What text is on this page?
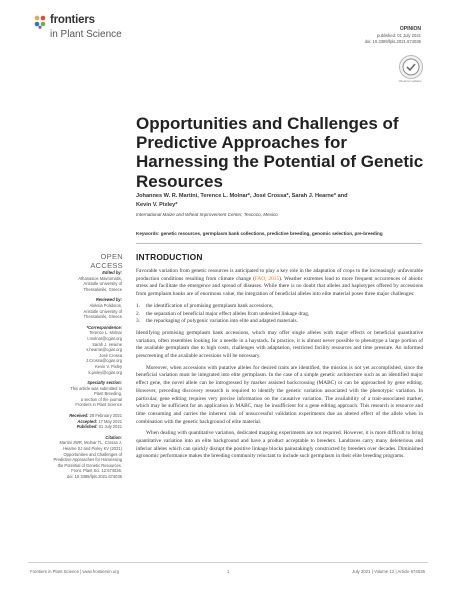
frontiers
in Plant Science	OPINION
published: 01 July 2021
doi: 10.3389/fpls.2021.674036
Check for updates
Opportunities and Challenges of Predictive Approaches for Harnessing the Potential of Genetic Resources
Johannes W. R. Martini, Terence L. Molnar*, José Crossa*, Sarah J. Hearne* and
Kevin V. Pixley*
International Maize and Wheat Improvement Center, Texcoco, Mexico
Keywords: genetic resources, germplasm bank collections, predictive breeding, genomic selection, pre-breeding
OPEN ACCESS
Edited by:
Athanasios Mavromatis,
Aristotle University of
Thessaloniki, Greece
Reviewed by:
Aleksia Polidoros,
Aristotle University of
Thessaloniki, Greece
*Correspondence:
Terence L. Molnar
t.molnar@cgiar.org
Sarah J. Hearne
s.hearne@cgiar.org
José Crossa
J.Crossa@cgiar.org
Kevin V. Pixley
k.pixley@cgiar.org
Specialty section:
This article was submitted to
Plant Breeding,
a section of the journal
Frontiers in Plant Science
Received: 28 February 2021
Accepted: 17 May 2021
Published: 01 July 2021
Citation:
Martini JWR, Molnar TL, Crossa J,
Hearne SJ and Pixley KV (2021)
Opportunities and Challenges of
Predictive Approaches for Harnessing
the Potential of Genetic Resources.
Front. Plant Sci. 12:674036.
doi: 10.3389/fpls.2021.674036
INTRODUCTION

Favorable variation from genetic resources is anticipated to play a key role in the adaptation of crops to the increasingly unfavorable production conditions resulting from climate change (FAO, 2015). Weather extremes lead to more frequent occurrences of abiotic stress and facilitate the emergence and spread of diseases. While there is no doubt that alleles and haplotypes offered by accessions from germplasm banks are of enormous value, the integration of beneficial alleles into elite material poses three major challenges:

1. the identification of promising germplasm bank accessions,
2. the separation of beneficial major effect alleles from undesired linkage drag,
3. the repackaging of polygenic variation into elite and adapted materials.

Identifying promising germplasm bank accessions, which may offer single alleles with major effects or beneficial quantitative variation, often resembles looking for a needle in a haystack. In practice, it is almost never possible to phenotype a large portion of the available germplasm due to high costs, challenges with adaptation, restricted facility resources and time pressure. An informed prescreening of the available accessions will be necessary.

Moreover, when accessions with putative alleles for desired traits are identified, the mission is not yet accomplished, since the beneficial variation must be integrated into elite germplasm. In the case of a simple genetic architecture such as an identified major effect gene, the novel allele can be introgressed by marker assisted backcrossing (MABC) or can be approached by gene editing. However, preceding discovery research is required to identify the genetic variation associated with the phenotypic variation. In particular, gene editing requires very precise information on the causative variation. The availability of a trait-associated marker, which may be sufficient for an application in MABC, may be insufficient for a gene editing approach. This research is resource and time consuming and carries the inherent risk of unsuccessful validation experiments due an altered effect of the allele when in combination with the genetic background of elite material.

When dealing with quantitative variation, dedicated mapping experiments are not required. However, it is more difficult to bring quantitative variation into an elite background and have a product acceptable to breeders. Landraces carry many deleterious and inferior alleles which can quickly disrupt the positive linkage blocks painstakingly constructed by breeders over decades. Diminished agronomic performance makes the breeding community reluctant to include such germplasm in their elite breeding programs.

Frontiers in Plant Science | www.frontiersin.org	1	July 2021 | Volume 12 | Article 674036
